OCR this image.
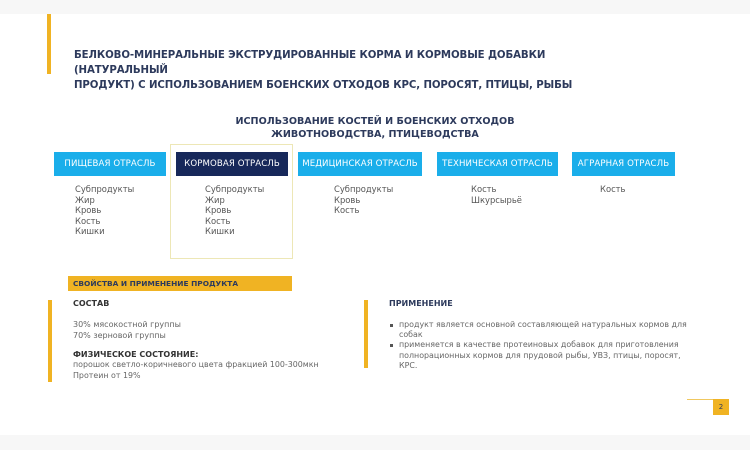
БЕЛКОВО-МИНЕРАЛЬНЫЕ ЭКСТРУДИРОВАННЫЕ КОРМА И КОРМОВЫЕ ДОБАВКИ (НАТУРАЛЬНЫЙ
ПРОДУКТ) С ИСПОЛЬЗОВАНИЕМ БОЕНСКИХ ОТХОДОВ КРС, ПОРОСЯТ, ПТИЦЫ, РЫБЫ
ИСПОЛЬЗОВАНИЕ КОСТЕЙ И БОЕНСКИХ ОТХОДОВ
ЖИВОТНОВОДСТВА, ПТИЦЕВОДСТВА
ПИЩЕВАЯ ОТРАСЛЬ
Субпродукты
Жир
Кровь
Кость
Кишки
КОРМОВАЯ ОТРАСЛЬ
Субпродукты
Жир
Кровь
Кость
Кишки
МЕДИЦИНСКАЯ ОТРАСЛЬ
Субпродукты
Кровь
Кость
ТЕХНИЧЕСКАЯ ОТРАСЛЬ
Кость
Шкурсырьё
АГРАРНАЯ ОТРАСЛЬ
Кость
СВОЙСТВА И ПРИМЕНЕНИЕ ПРОДУКТА
СОСТАВ
30% мясокостной группы
70% зерновой группы
ФИЗИЧЕСКОЕ СОСТОЯНИЕ:
порошок светло-коричневого цвета фракцией 100-300мкн
Протеин от 19%
ПРИМЕНЕНИЕ
продукт является основной составляющей натуральных кормов для собак
применяется в качестве протеиновых добавок для приготовления полнорационных кормов для прудовой рыбы, УВЗ, птицы, поросят, КРС.
2
